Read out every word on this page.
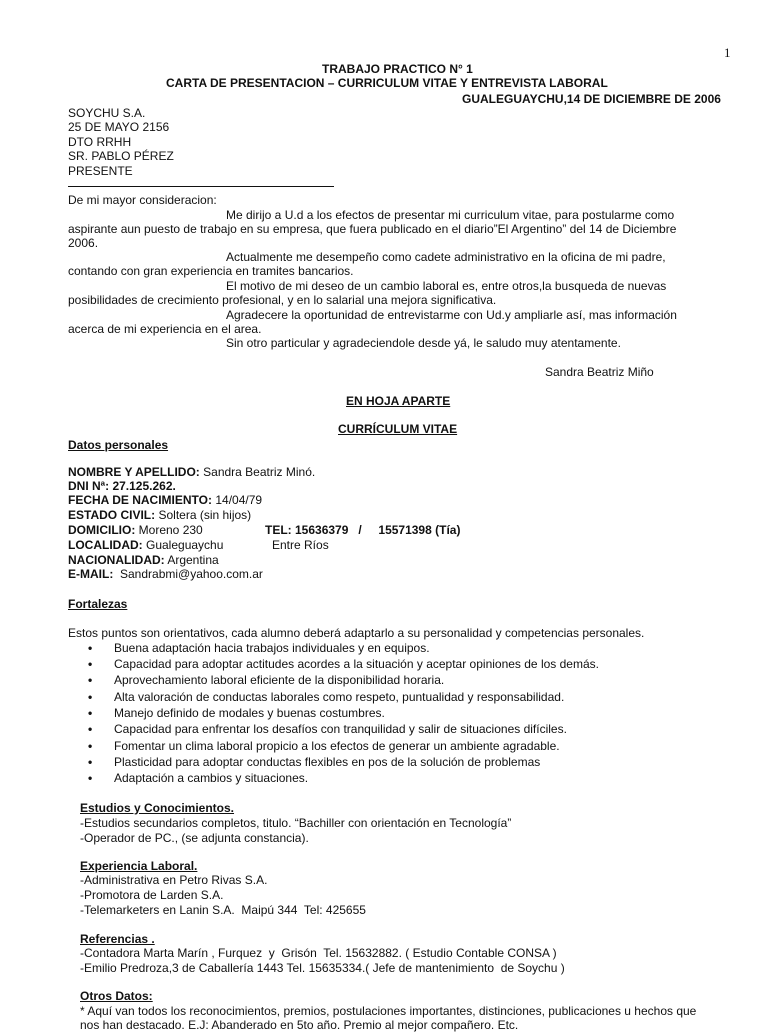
1
TRABAJO PRACTICO N° 1
CARTA DE PRESENTACION – CURRICULUM VITAE Y ENTREVISTA LABORAL
GUALEGUAYCHU,14 DE DICIEMBRE DE 2006
SOYCHU S.A.
25 DE MAYO 2156
DTO RRHH
SR. PABLO PÉREZ
PRESENTE
De mi mayor consideracion:
Me dirijo a U.d a los efectos de presentar mi curriculum vitae, para postularme como
aspirante aun puesto de trabajo en su empresa, que fuera publicado en el diario”El Argentino” del 14 de Diciembre
2006.
Actualmente me desempeño como cadete administrativo en la oficina de mi padre,
contando con gran experiencia en tramites bancarios.
El motivo de mi deseo de un cambio laboral es, entre otros,la busqueda de nuevas
posibilidades de crecimiento profesional, y en lo salarial una mejora significativa.
Agradecere la oportunidad de entrevistarme con Ud.y ampliarle así, mas información
acerca de mi experiencia en el area.
Sin otro particular y agradeciendole desde yá, le saludo muy atentamente.
Sandra Beatriz Miño
EN HOJA APARTE
CURRÍCULUM VITAE
Datos personales
NOMBRE Y APELLIDO: Sandra Beatriz Minó.
DNI Nª: 27.125.262.
FECHA DE NACIMIENTO: 14/04/79
ESTADO CIVIL: Soltera (sin hijos)
DOMICILIO: Moreno 230	TEL: 15636379   /     15571398 (Tía)
LOCALIDAD: Gualeguaychu	Entre Ríos
NACIONALIDAD: Argentina
E-MAIL: Sandrabmi@yahoo.com.ar
Fortalezas
Estos puntos son orientativos, cada alumno deberá adaptarlo a su personalidad y competencias personales.
•	Buena adaptación hacia trabajos individuales y en equipos.
•	Capacidad para adoptar actitudes acordes a la situación y aceptar opiniones de los demás.
•	Aprovechamiento laboral eficiente de la disponibilidad horaria.
•	Alta valoración de conductas laborales como respeto, puntualidad y responsabilidad.
•	Manejo definido de modales y buenas costumbres.
•	Capacidad para enfrentar los desafíos con tranquilidad y salir de situaciones difíciles.
•	Fomentar un clima laboral propicio a los efectos de generar un ambiente agradable.
•	Plasticidad para adoptar conductas flexibles en pos de la solución de problemas
•	Adaptación a cambios y situaciones.
Estudios y Conocimientos.
-Estudios secundarios completos, titulo. “Bachiller con orientación en Tecnología”
-Operador de PC., (se adjunta constancia).
Experiencia Laboral.
-Administrativa en Petro Rivas S.A.
-Promotora de Larden S.A.
-Telemarketers en Lanin S.A.  Maipú 344  Tel: 425655
Referencias .
-Contadora Marta Marín , Furquez  y  Grisón  Tel. 15632882. ( Estudio Contable CONSA )
-Emilio Predroza,3 de Caballería 1443 Tel. 15635334.( Jefe de mantenimiento  de Soychu )
Otros Datos:
* Aquí van todos los reconocimientos, premios, postulaciones importantes, distinciones, publicaciones u hechos que
nos han destacado. E.J: Abanderado en 5to año. Premio al mejor compañero. Etc.
